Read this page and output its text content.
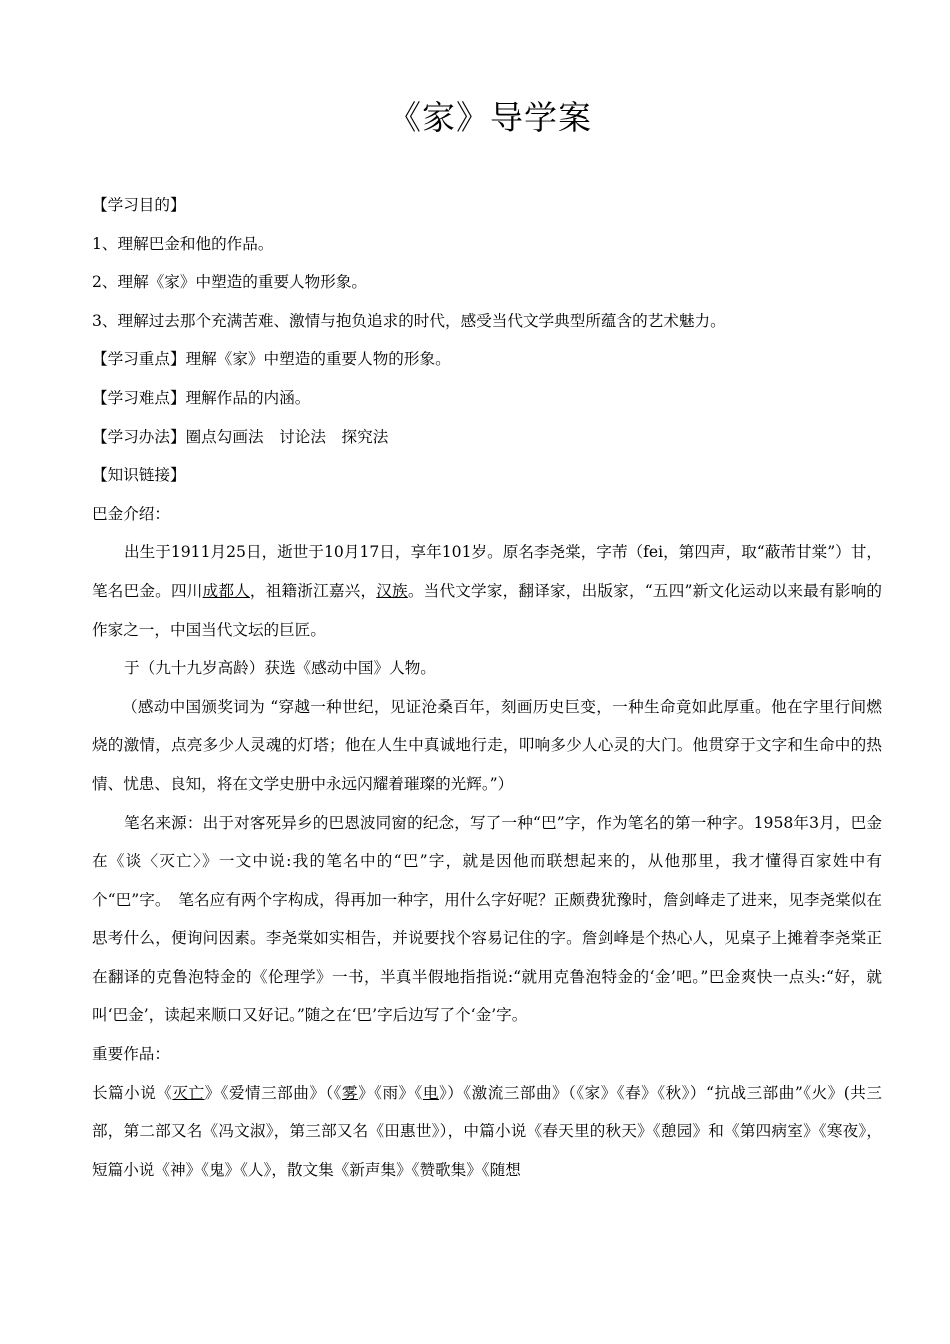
《家》导学案
【学习目的】
1、理解巴金和他的作品。
2、理解《家》中塑造的重要人物形象。
3、理解过去那个充满苦难、激情与抱负追求的时代，感受当代文学典型所蕴含的艺术魅力。
【学习重点】理解《家》中塑造的重要人物的形象。
【学习难点】理解作品的内涵。
【学习办法】圈点勾画法　讨论法　探究法
【知识链接】
巴金介绍：
出生于1911月25日，逝世于10月17日，享年101岁。原名李尧棠，字芾（fei，第四声，取“蔽芾甘棠”）甘，笔名巴金。四川成都人，祖籍浙江嘉兴，汉族。当代文学家，翻译家，出版家，“五四”新文化运动以来最有影响的作家之一，中国当代文坛的巨匠。
于（九十九岁高龄）获选《感动中国》人物。
（感动中国颁奖词为 “穿越一种世纪，见证沧桑百年，刻画历史巨变，一种生命竟如此厚重。他在字里行间燃烧的激情，点亮多少人灵魂的灯塔；他在人生中真诚地行走，叩响多少人心灵的大门。他贯穿于文字和生命中的热情、忧患、良知，将在文学史册中永远闪耀着璀璨的光辉。”）
笔名来源：出于对客死异乡的巴恩波同窗的纪念，写了一种“巴”字，作为笔名的第一种字。1958年3月，巴金在《谈〈灭亡〉》一文中说:我的笔名中的“巴”字，就是因他而联想起来的，从他那里，我才懂得百家姓中有个“巴”字。　笔名应有两个字构成，得再加一种字，用什么字好呢？正颇费犹豫时，詹剑峰走了进来，见李尧棠似在思考什么，便询问因素。李尧棠如实相告，并说要找个容易记住的字。詹剑峰是个热心人，见桌子上摊着李尧棠正在翻译的克鲁泡特金的《伦理学》一书，半真半假地指指说:“就用克鲁泡特金的‘金’吧。”巴金爽快一点头:“好，就叫‘巴金’，读起来顺口又好记。”随之在‘巴’字后边写了个‘金’字。
重要作品：
长篇小说《灭亡》《爱情三部曲》（《雾》《雨》《电》）《激流三部曲》（《家》《春》《秋》）“抗战三部曲”《火》(共三部，第二部又名《冯文淑》，第三部又名《田惠世》），中篇小说《春天里的秋天》《憩园》和《第四病室》《寒夜》，短篇小说《神》《鬼》《人》，散文集《新声集》《赞歌集》《随想
